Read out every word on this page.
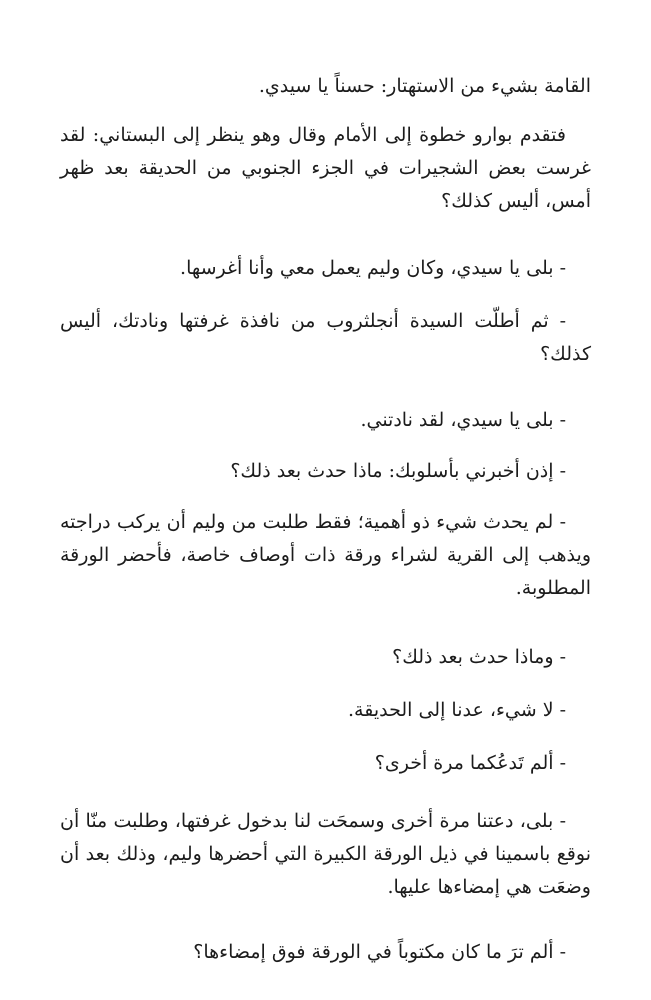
القامة بشيء من الاستهتار: حسناً يا سيدي.

فتقدم بوارو خطوة إلى الأمام وقال وهو ينظر إلى البستاني: لقد غرست بعض الشجيرات في الجزء الجنوبي من الحديقة بعد ظهر أمس، أليس كذلك؟

- بلى يا سيدي، وكان وليم يعمل معي وأنا أغرسها.

- ثم أطلّت السيدة أنجلثروب من نافذة غرفتها ونادتك، أليس كذلك؟

- بلى يا سيدي، لقد نادتني.

- إذن أخبرني بأسلوبك: ماذا حدث بعد ذلك؟

- لم يحدث شيء ذو أهمية؛ فقط طلبت من وليم أن يركب دراجته ويذهب إلى القرية لشراء ورقة ذات أوصاف خاصة، فأحضر الورقة المطلوبة.

- وماذا حدث بعد ذلك؟

- لا شيء، عدنا إلى الحديقة.

- ألم تَدعُكما مرة أخرى؟

- بلى، دعتنا مرة أخرى وسمحَت لنا بدخول غرفتها، وطلبت منّا أن نوقع باسمينا في ذيل الورقة الكبيرة التي أحضرها وليم، وذلك بعد أن وضعَت هي إمضاءها عليها.

- ألم ترَ ما كان مكتوباً في الورقة فوق إمضاءها؟
